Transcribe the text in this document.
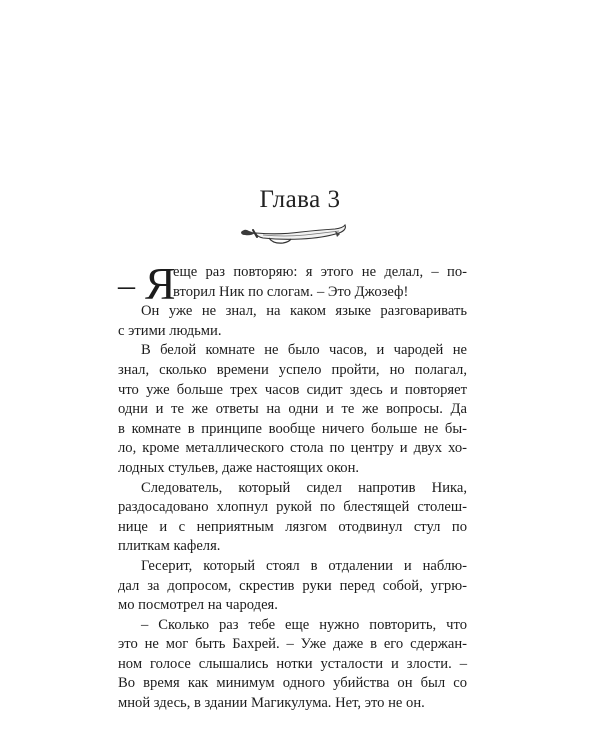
Глава 3
– Я
еще раз повторяю: я этого не делал, – по-
вторил Ник по слогам. – Это Джозеф!
Он уже не знал, на каком языке разговаривать
с этими людьми.
В белой комнате не было часов, и чародей не
знал, сколько времени успело пройти, но полагал,
что уже больше трех часов сидит здесь и повторяет
одни и те же ответы на одни и те же вопросы. Да
в комнате в принципе вообще ничего больше не бы-
ло, кроме металлического стола по центру и двух хо-
лодных стульев, даже настоящих окон.
Следователь, который сидел напротив Ника,
раздосадовано хлопнул рукой по блестящей столеш-
нице и с неприятным лязгом отодвинул стул по
плиткам кафеля.
Гесерит, который стоял в отдалении и наблю-
дал за допросом, скрестив руки перед собой, угрю-
мо посмотрел на чародея.
– Сколько раз тебе еще нужно повторить, что
это не мог быть Бахрей. – Уже даже в его сдержан-
ном голосе слышались нотки усталости и злости. –
Во время как минимум одного убийства он был со
мной здесь, в здании Магикулума. Нет, это не он.
